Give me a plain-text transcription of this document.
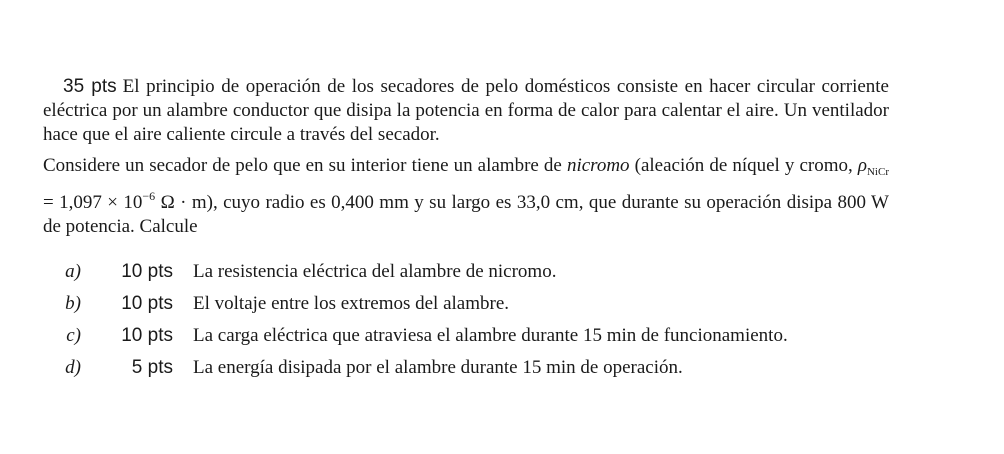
35 pts El principio de operación de los secadores de pelo domésticos consiste en hacer circular corriente eléctrica por un alambre conductor que disipa la potencia en forma de calor para calentar el aire. Un ventilador hace que el aire caliente circule a través del secador.

Considere un secador de pelo que en su interior tiene un alambre de nicromo (aleación de níquel y cromo, $\rho_{NiCr} = 1,097 \times 10^{-6}$ Ω · m), cuyo radio es 0,400 mm y su largo es 33,0 cm, que durante su operación disipa 800 W de potencia. Calcule

a)	10 pts La resistencia eléctrica del alambre de nicromo.
b)	10 pts El voltaje entre los extremos del alambre.
c)	10 pts La carga eléctrica que atraviesa el alambre durante 15 min de funcionamiento.
d)	5 pts La energía disipada por el alambre durante 15 min de operación.
